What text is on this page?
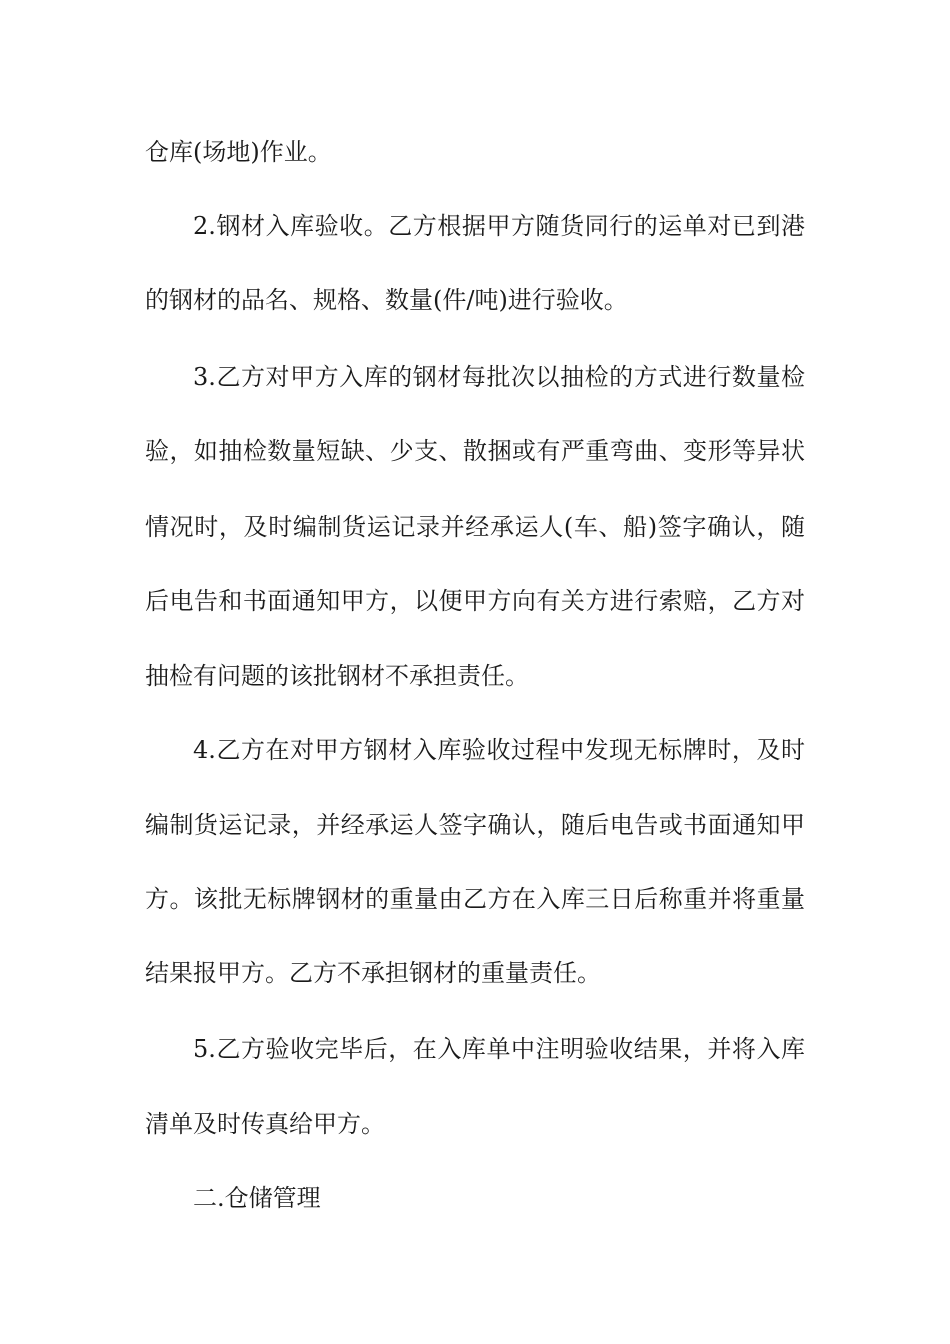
仓库(场地)作业。
2.钢材入库验收。乙方根据甲方随货同行的运单对已到港
的钢材的品名、规格、数量(件/吨)进行验收。
3.乙方对甲方入库的钢材每批次以抽检的方式进行数量检
验，如抽检数量短缺、少支、散捆或有严重弯曲、变形等异状
情况时，及时编制货运记录并经承运人(车、船)签字确认，随
后电告和书面通知甲方，以便甲方向有关方进行索赔，乙方对
抽检有问题的该批钢材不承担责任。
4.乙方在对甲方钢材入库验收过程中发现无标牌时，及时
编制货运记录，并经承运人签字确认，随后电告或书面通知甲
方。该批无标牌钢材的重量由乙方在入库三日后称重并将重量
结果报甲方。乙方不承担钢材的重量责任。
5.乙方验收完毕后，在入库单中注明验收结果，并将入库
清单及时传真给甲方。
二.仓储管理
